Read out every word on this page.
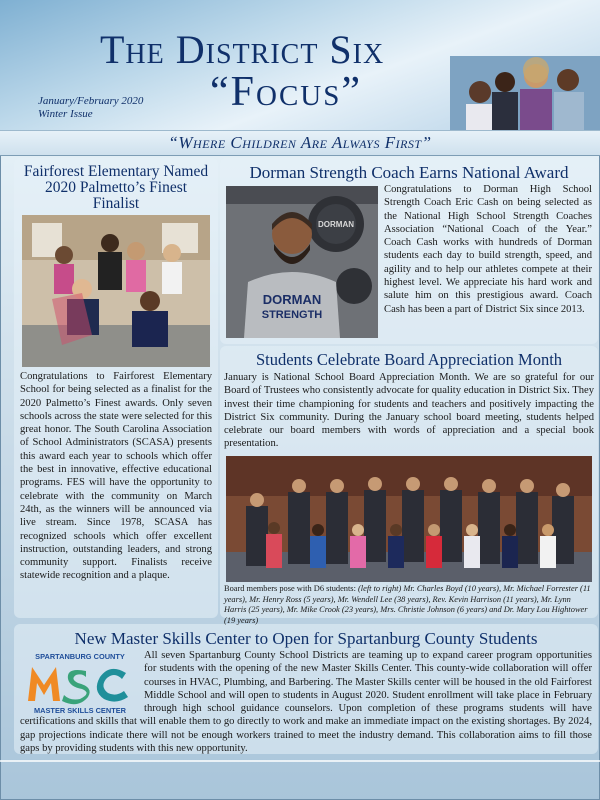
The District Six
“Focus”
January/February 2020
Winter Issue
“Where Children Are Always First”
Fairforest Elementary Named 2020 Palmetto’s Finest Finalist
Congratulations to Fairforest Elementary School for being selected as a finalist for the 2020 Palmetto’s Finest awards. Only seven schools across the state were selected for this great honor. The South Carolina Association of School Administrators (SCASA) presents this award each year to schools which offer the best in innovative, effective educational programs. FES will have the opportunity to celebrate with the community on March 24th, as the winners will be announced via live stream. Since 1978, SCASA has recognized schools which offer excellent instruction, outstanding leaders, and strong community support. Finalists receive statewide recognition and a plaque.
Dorman Strength Coach Earns National Award
DORMAN
DORMAN
STRENGTH
Congratulations to Dorman High School Strength Coach Eric Cash on being selected as the National High School Strength Coaches Association “National Coach of the Year.” Coach Cash works with hundreds of Dorman students each day to build strength, speed, and agility and to help our athletes compete at their highest level. We appreciate his hard work and salute him on this prestigious award. Coach Cash has been a part of District Six since 2013.
Students Celebrate Board Appreciation Month
January is National School Board Appreciation Month. We are so grateful for our Board of Trustees who consistently advocate for quality education in District Six. They invest their time championing for students and teachers and positively impacting the District Six community. During the January school board meeting, students helped celebrate our board members with words of appreciation and a special book presentation.
Board members pose with D6 students: (left to right) Mr. Charles Boyd (10 years), Mr. Michael Forrester (11 years), Mr. Henry Ross (5 years), Mr. Wendell Lee (38 years), Rev. Kevin Harrison (11 years), Mr. Lynn Harris (25 years), Mr. Mike Crook (23 years), Mrs. Christie Johnson (6 years) and Dr. Mary Lou Hightower (19 years)
New Master Skills Center to Open for Spartanburg County Students
SPARTANBURG COUNTY
MASTER SKILLS CENTER
All seven Spartanburg County School Districts are teaming up to expand career program opportunities for students with the opening of the new Master Skills Center. This county-wide collaboration will offer courses in HVAC, Plumbing, and Barbering. The Master Skills center will be housed in the old Fairforest Middle School and will open to students in August 2020. Student enrollment will take place in February through high school guidance counselors. Upon completion of these programs students will have certifications and skills that will enable them to go directly to work and make an immediate impact on the existing shortages. By 2024, gap projections indicate there will not be enough workers trained to meet the industry demand. This collaboration aims to fill those gaps by providing students with this new opportunity.
